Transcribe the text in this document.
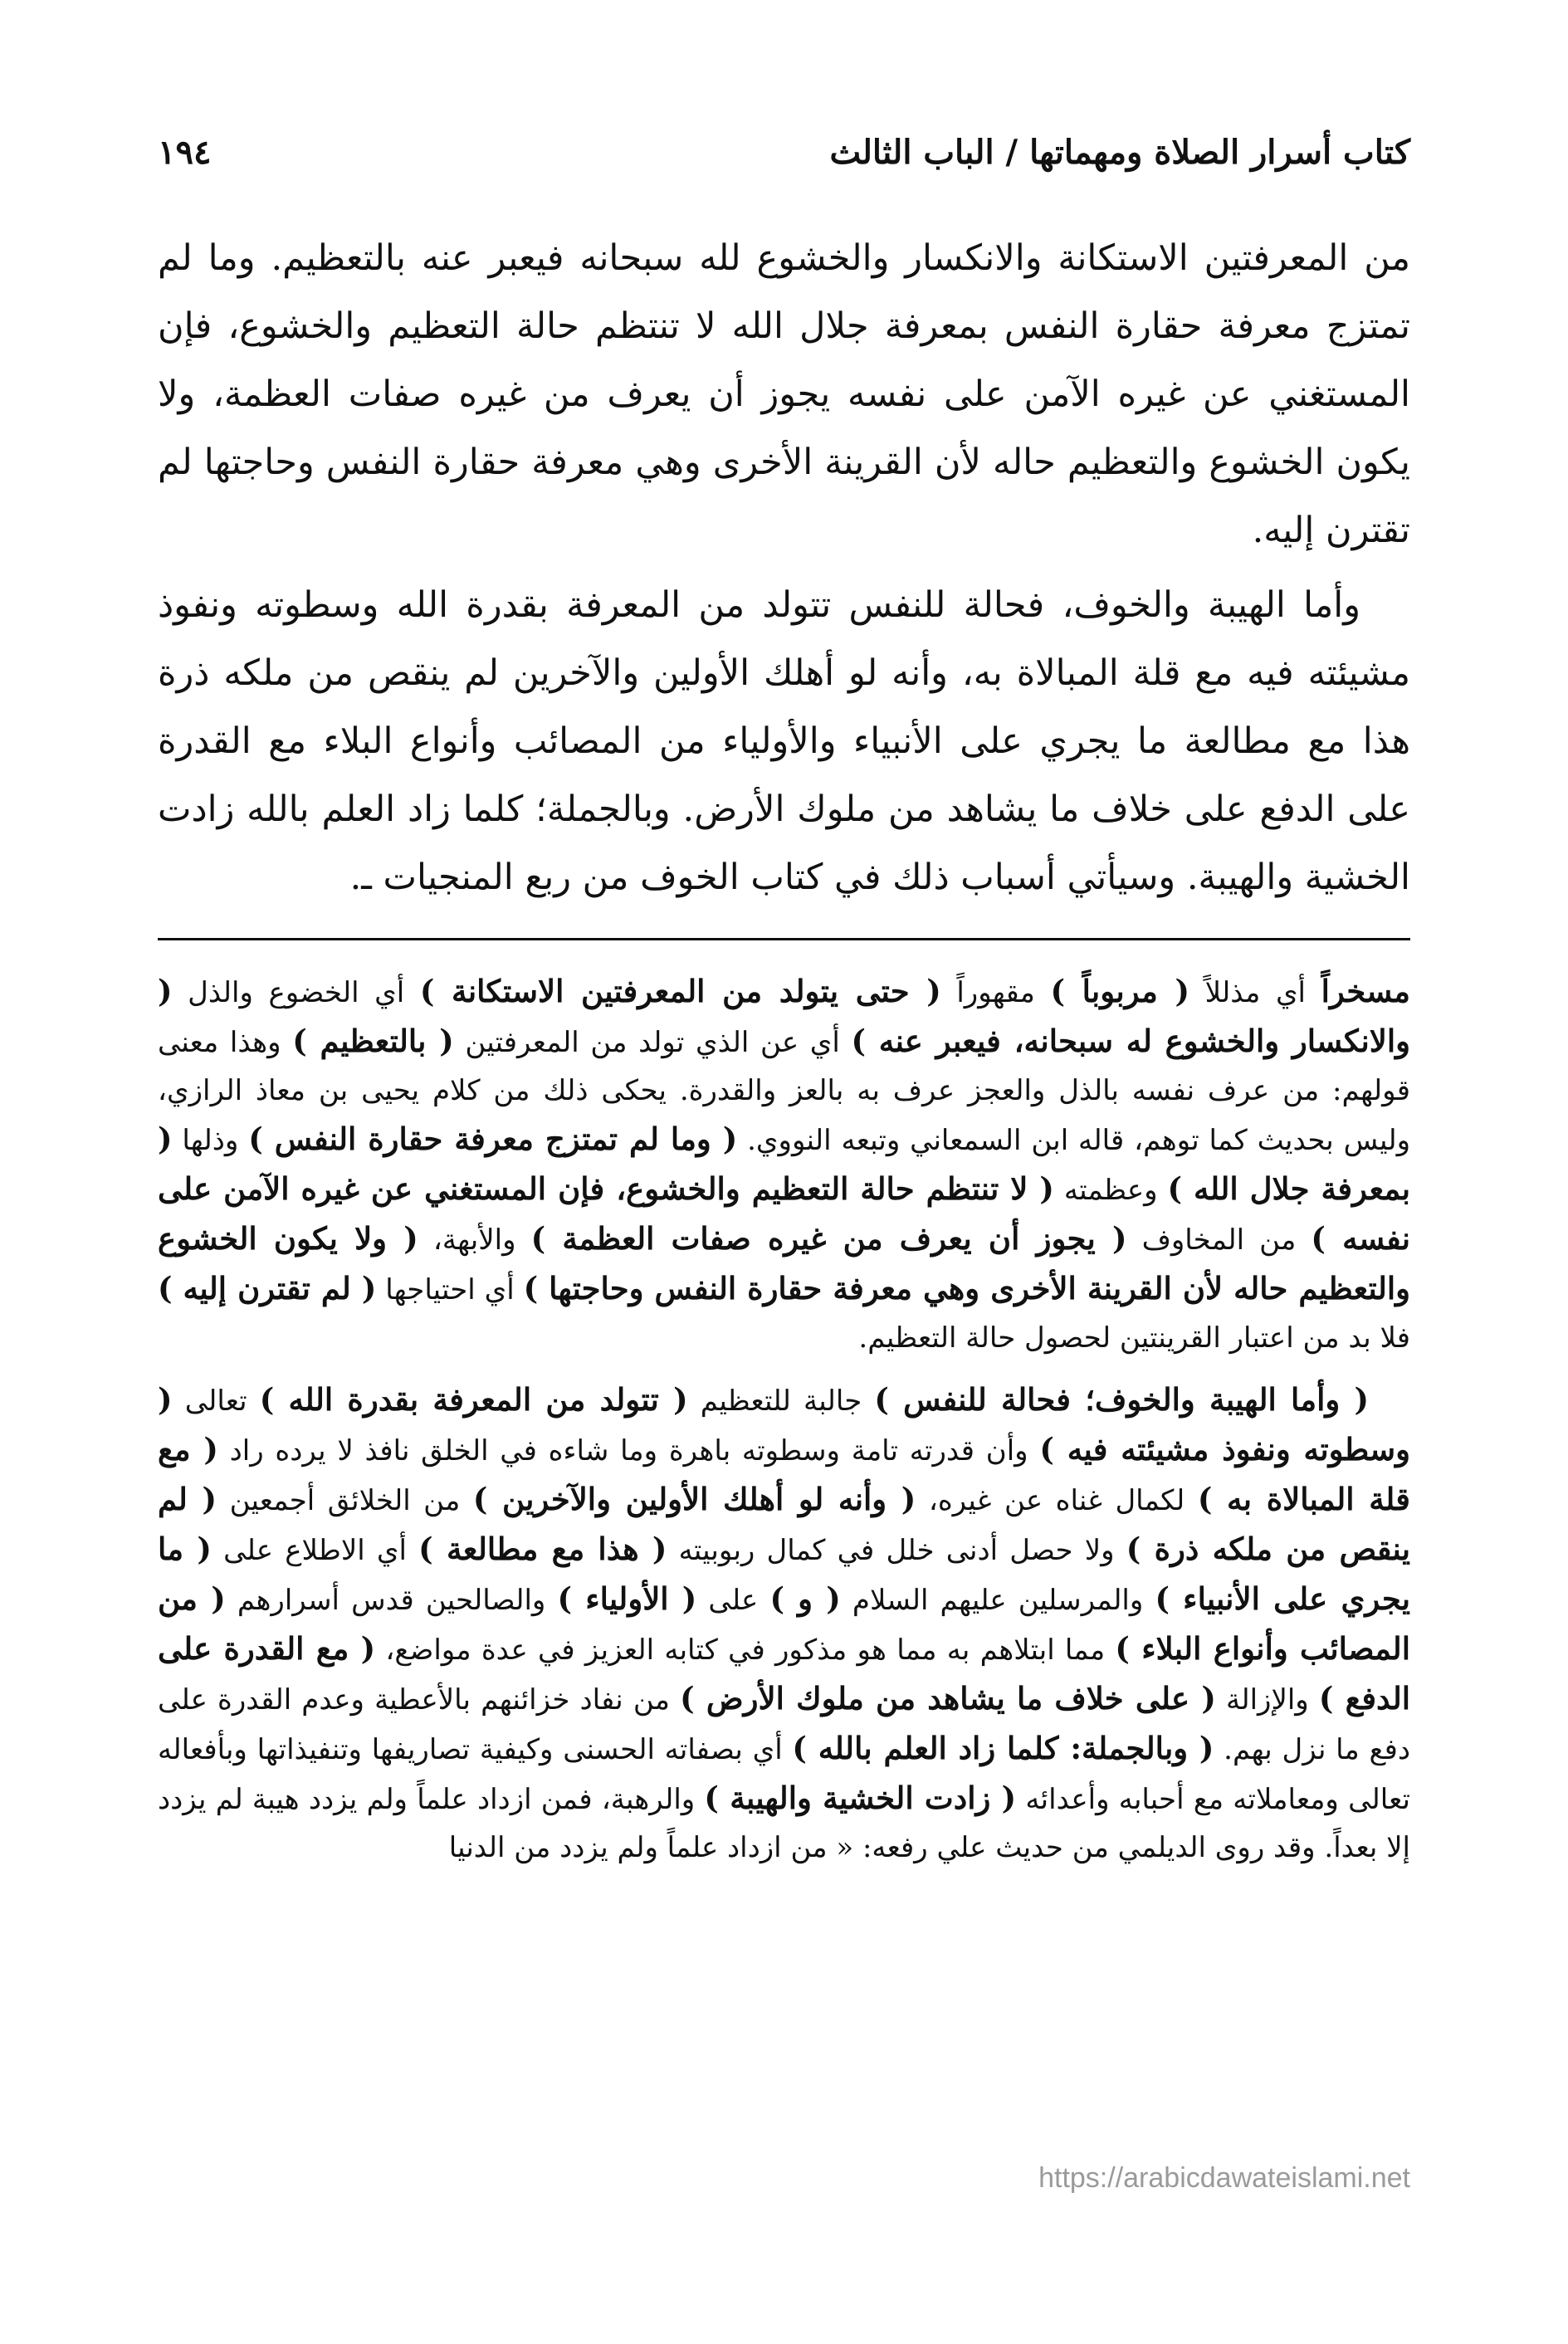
١٩٤	كتاب أسرار الصلاة ومهماتها / الباب الثالث

من المعرفتين الاستكانة والانكسار والخشوع لله سبحانه فيعبر عنه بالتعظيم. وما لم تمتزج معرفة حقارة النفس بمعرفة جلال الله لا تنتظم حالة التعظيم والخشوع، فإن المستغني عن غيره الآمن على نفسه يجوز أن يعرف من غيره صفات العظمة، ولا يكون الخشوع والتعظيم حاله لأن القرينة الأخرى وهي معرفة حقارة النفس وحاجتها لم تقترن إليه.

وأما الهيبة والخوف، فحالة للنفس تتولد من المعرفة بقدرة الله وسطوته ونفوذ مشيئته فيه مع قلة المبالاة به، وأنه لو أهلك الأولين والآخرين لم ينقص من ملكه ذرة هذا مع مطالعة ما يجري على الأنبياء والأولياء من المصائب وأنواع البلاء مع القدرة على الدفع على خلاف ما يشاهد من ملوك الأرض. وبالجملة؛ كلما زاد العلم بالله زادت الخشية والهيبة. وسيأتي أسباب ذلك في كتاب الخوف من ربع المنجيات ـ.

مسخراً أي مذللاً ( مربوباً ) مقهوراً ( حتى يتولد من المعرفتين الاستكانة ) أي الخضوع والذل ( والانكسار والخشوع له سبحانه، فيعبر عنه ) أي عن الذي تولد من المعرفتين ( بالتعظيم ) وهذا معنى قولهم: من عرف نفسه بالذل والعجز عرف به بالعز والقدرة. يحكى ذلك من كلام يحيى بن معاذ الرازي، وليس بحديث كما توهم، قاله ابن السمعاني وتبعه النووي. ( وما لم تمتزج معرفة حقارة النفس ) وذلها ( بمعرفة جلال الله ) وعظمته ( لا تنتظم حالة التعظيم والخشوع، فإن المستغني عن غيره الآمن على نفسه ) من المخاوف ( يجوز أن يعرف من غيره صفات العظمة ) والأبهة، ( ولا يكون الخشوع والتعظيم حاله لأن القرينة الأخرى وهي معرفة حقارة النفس وحاجتها ) أي احتياجها ( لم تقترن إليه ) فلا بد من اعتبار القرينتين لحصول حالة التعظيم.

( وأما الهيبة والخوف؛ فحالة للنفس ) جالبة للتعظيم ( تتولد من المعرفة بقدرة الله ) تعالى ( وسطوته ونفوذ مشيئته فيه ) وأن قدرته تامة وسطوته باهرة وما شاءه في الخلق نافذ لا يرده راد ( مع قلة المبالاة به ) لكمال غناه عن غيره، ( وأنه لو أهلك الأولين والآخرين ) من الخلائق أجمعين ( لم ينقص من ملكه ذرة ) ولا حصل أدنى خلل في كمال ربوبيته ( هذا مع مطالعة ) أي الاطلاع على ( ما يجري على الأنبياء ) والمرسلين عليهم السلام ( و ) على ( الأولياء ) والصالحين قدس أسرارهم ( من المصائب وأنواع البلاء ) مما ابتلاهم به مما هو مذكور في كتابه العزيز في عدة مواضع، ( مع القدرة على الدفع ) والإزالة ( على خلاف ما يشاهد من ملوك الأرض ) من نفاد خزائنهم بالأعطية وعدم القدرة على دفع ما نزل بهم. ( وبالجملة: كلما زاد العلم بالله ) أي بصفاته الحسنى وكيفية تصاريفها وتنفيذاتها وبأفعاله تعالى ومعاملاته مع أحبابه وأعدائه ( زادت الخشية والهيبة ) والرهبة، فمن ازداد علماً ولم يزدد هيبة لم يزدد إلا بعداً. وقد روى الديلمي من حديث علي رفعه: « من ازداد علماً ولم يزدد من الدنيا

https://arabicdawateislami.net
